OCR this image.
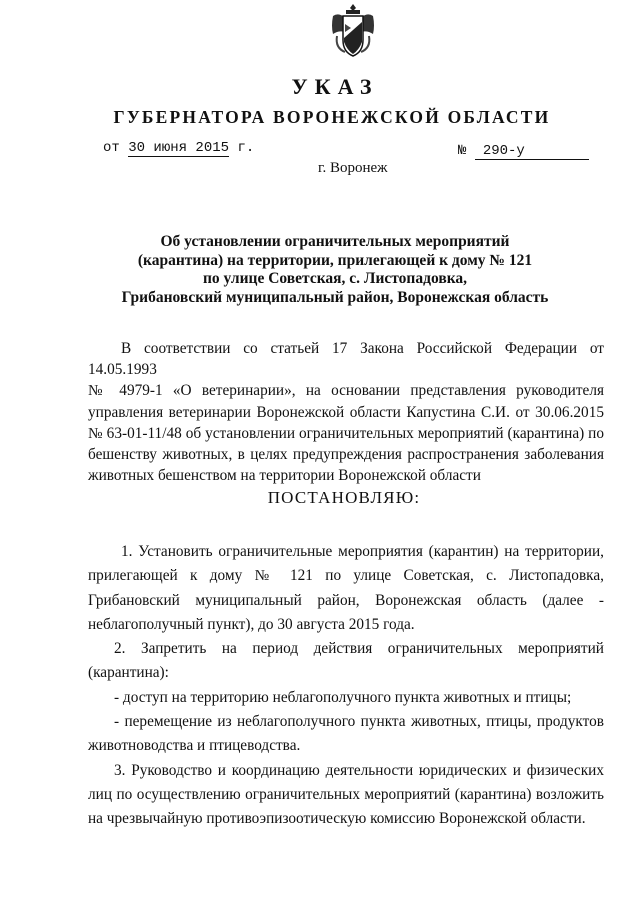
УКАЗ
ГУБЕРНАТОРА ВОРОНЕЖСКОЙ ОБЛАСТИ
от 30 июня 2015 г.	№ 290-у
г. Воронеж
Об установлении ограничительных мероприятий
(карантина) на территории, прилегающей к дому № 121
по улице Советская, с. Листопадовка,
Грибановский муниципальный район, Воронежская область
В соответствии со статьей 17 Закона Российской Федерации от 14.05.1993
№ 4979-1 «О ветеринарии», на основании представления руководителя
управления ветеринарии Воронежской области Капустина С.И. от 30.06.2015
№ 63-01-11/48 об установлении ограничительных мероприятий (карантина) по
бешенству животных, в целях предупреждения распространения заболевания
животных бешенством на территории Воронежской области
ПОСТАНОВЛЯЮ:
1. Установить ограничительные мероприятия (карантин) на территории,
прилегающей к дому № 121 по улице Советская, с. Листопадовка,
Грибановский муниципальный район, Воронежская область (далее -
неблагополучный пункт), до 30 августа 2015 года.
2. Запретить на период действия ограничительных мероприятий
(карантина):
- доступ на территорию неблагополучного пункта животных и птицы;
- перемещение из неблагополучного пункта животных, птицы, продуктов
животноводства и птицеводства.
3. Руководство и координацию деятельности юридических и физических
лиц по осуществлению ограничительных мероприятий (карантина) возложить
на чрезвычайную противоэпизоотическую комиссию Воронежской области.
